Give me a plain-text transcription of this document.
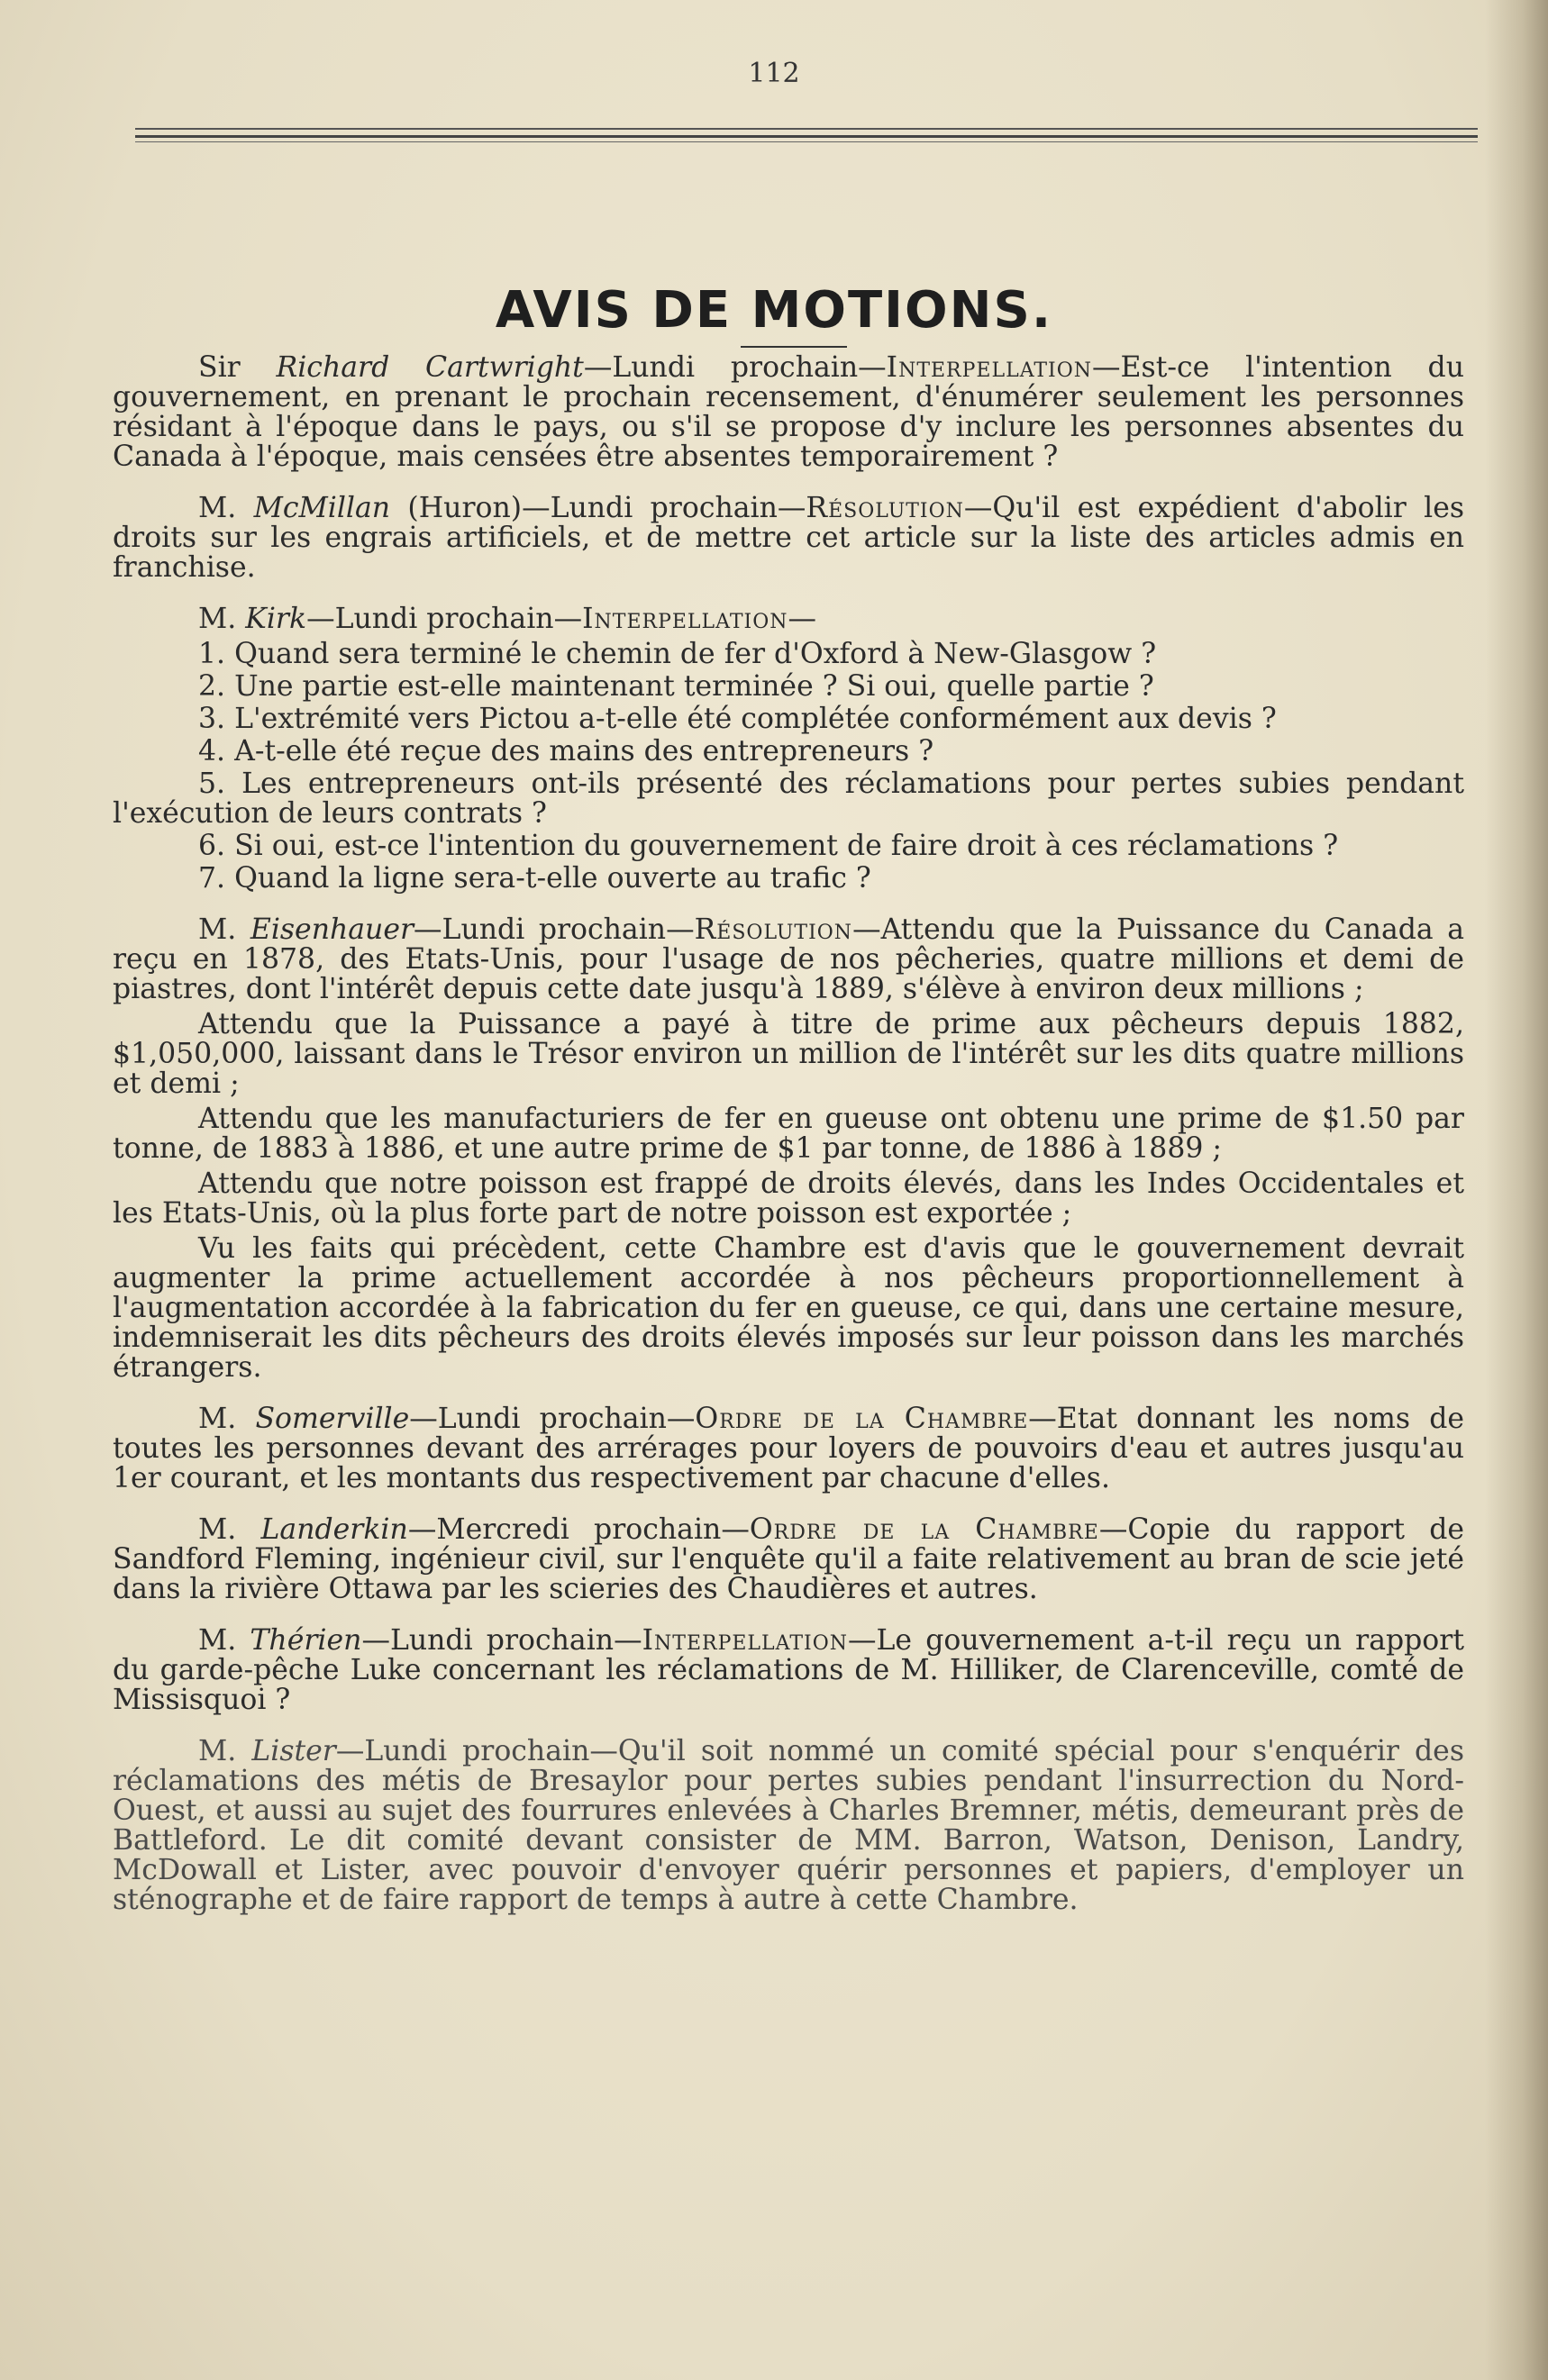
112
AVIS DE MOTIONS.

Sir Richard Cartwright—Lundi prochain—Interpellation—Est-ce l'intention du gouvernement, en prenant le prochain recensement, d'énumérer seulement les personnes résidant à l'époque dans le pays, ou s'il se propose d'y inclure les personnes absentes du Canada à l'époque, mais censées être absentes temporairement ?

M. McMillan (Huron)—Lundi prochain—Résolution—Qu'il est expédient d'abolir les droits sur les engrais artificiels, et de mettre cet article sur la liste des articles admis en franchise.

M. Kirk—Lundi prochain—Interpellation—

1. Quand sera terminé le chemin de fer d'Oxford à New-Glasgow ?

2. Une partie est-elle maintenant terminée ? Si oui, quelle partie ?

3. L'extrémité vers Pictou a-t-elle été complétée conformément aux devis ?

4. A-t-elle été reçue des mains des entrepreneurs ?

5. Les entrepreneurs ont-ils présenté des réclamations pour pertes subies pendant l'exécution de leurs contrats ?

6. Si oui, est-ce l'intention du gouvernement de faire droit à ces réclamations ?

7. Quand la ligne sera-t-elle ouverte au trafic ?

M. Eisenhauer—Lundi prochain—Résolution—Attendu que la Puissance du Canada a reçu en 1878, des Etats-Unis, pour l'usage de nos pêcheries, quatre millions et demi de piastres, dont l'intérêt depuis cette date jusqu'à 1889, s'élève à environ deux millions ;

Attendu que la Puissance a payé à titre de prime aux pêcheurs depuis 1882, $1,050,000, laissant dans le Trésor environ un million de l'intérêt sur les dits quatre millions et demi ;

Attendu que les manufacturiers de fer en gueuse ont obtenu une prime de $1.50 par tonne, de 1883 à 1886, et une autre prime de $1 par tonne, de 1886 à 1889 ;

Attendu que notre poisson est frappé de droits élevés, dans les Indes Occidentales et les Etats-Unis, où la plus forte part de notre poisson est exportée ;

Vu les faits qui précèdent, cette Chambre est d'avis que le gouvernement devrait augmenter la prime actuellement accordée à nos pêcheurs proportionnellement à l'augmentation accordée à la fabrication du fer en gueuse, ce qui, dans une certaine mesure, indemniserait les dits pêcheurs des droits élevés imposés sur leur poisson dans les marchés étrangers.

M. Somerville—Lundi prochain—Ordre de la Chambre—Etat donnant les noms de toutes les personnes devant des arrérages pour loyers de pouvoirs d'eau et autres jusqu'au 1er courant, et les montants dus respectivement par chacune d'elles.

M. Landerkin—Mercredi prochain—Ordre de la Chambre—Copie du rapport de Sandford Fleming, ingénieur civil, sur l'enquête qu'il a faite relativement au bran de scie jeté dans la rivière Ottawa par les scieries des Chaudières et autres.

M. Thérien—Lundi prochain—Interpellation—Le gouvernement a-t-il reçu un rapport du garde-pêche Luke concernant les réclamations de M. Hilliker, de Clarenceville, comté de Missisquoi ?

M. Lister—Lundi prochain—Qu'il soit nommé un comité spécial pour s'enquérir des réclamations des métis de Bresaylor pour pertes subies pendant l'insurrection du Nord-Ouest, et aussi au sujet des fourrures enlevées à Charles Bremner, métis, demeurant près de Battleford. Le dit comité devant consister de MM. Barron, Watson, Denison, Landry, McDowall et Lister, avec pouvoir d'envoyer quérir personnes et papiers, d'employer un sténographe et de faire rapport de temps à autre à cette Chambre.
